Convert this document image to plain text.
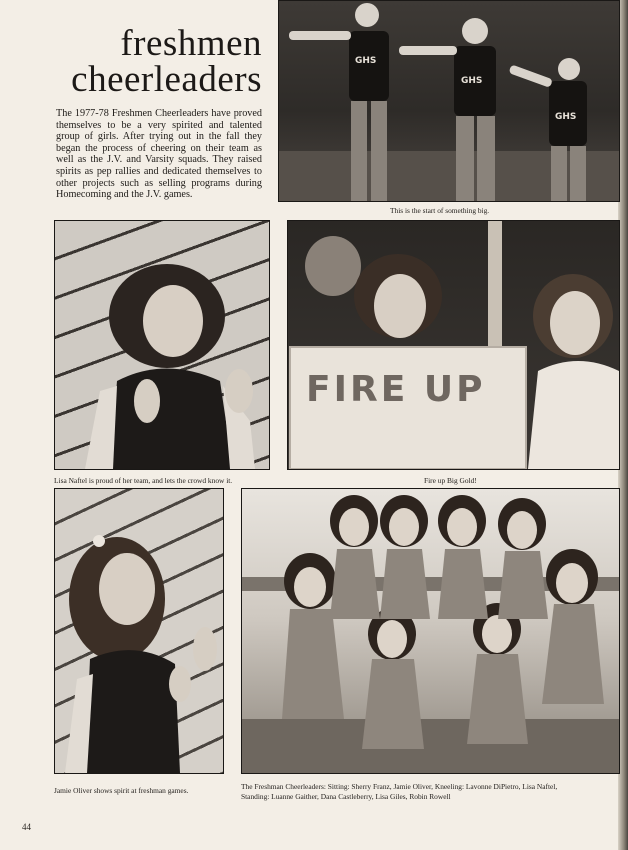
freshmen
cheerleaders
The 1977-78 Freshmen Cheerleaders have proved themselves to be a very spirited and talented group of girls. After trying out in the fall they began the process of cheering on their team as well as the J.V. and Varsity squads. They raised spirits as pep rallies and dedicated themselves to other projects such as selling programs during Homecoming and the J.V. games.
GHS
GHS
GHS
This is the start of something big.
Lisa Naftel is proud of her team, and lets the crowd know it.
FIRE UP
Fire up Big Gold!
Jamie Oliver shows spirit at freshman games.	The Freshman Cheerleaders: Sitting: Sherry Franz, Jamie Oliver, Kneeling: Lavonne DiPietro, Lisa Naftel,
Standing: Luanne Gaither, Dana Castleberry, Lisa Giles, Robin Rowell
44
